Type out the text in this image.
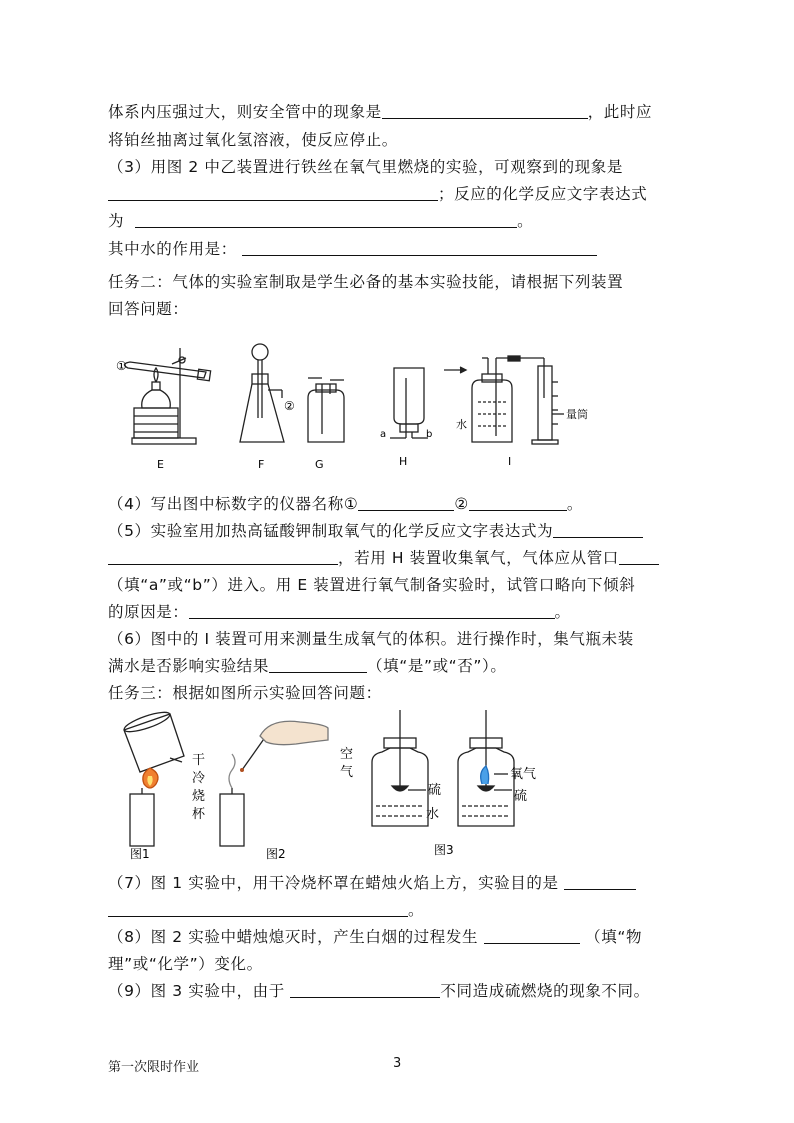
体系内压强过大，则安全管中的现象是	，此时应
将铂丝抽离过氧化氢溶液，使反应停止。
（3）用图 2 中乙装置进行铁丝在氧气里燃烧的实验，可观察到的现象是
；反应的化学反应文字表达式
为	。
其中水的作用是：
任务二：气体的实验室制取是学生必备的基本实验技能，请根据下列装置
回答问题：
①
②
E	F	G	H	I
a	b
水
量筒
（4）写出图中标数字的仪器名称①	②	。
（5）实验室用加热高锰酸钾制取氧气的化学反应文字表达式为
，若用 H 装置收集氧气，气体应从管口
（填“a”或“b”）进入。用 E 装置进行氧气制备实验时，试管口略向下倾斜
的原因是：	。
（6）图中的 I 装置可用来测量生成氧气的体积。进行操作时，集气瓶未装
满水是否影响实验结果	（填“是”或“否”）。
任务三：根据如图所示实验回答问题：
干
冷
烧
杯
图1	图2	图3
空
气
硫
水
氧气
硫
（7）图 1 实验中，用干冷烧杯罩在蜡烛火焰上方，实验目的是
。
（8）图 2 实验中蜡烛熄灭时，产生白烟的过程发生	（填“物
理”或“化学”）变化。
（9）图 3 实验中，由于	不同造成硫燃烧的现象不同。
第一次限时作业	3
